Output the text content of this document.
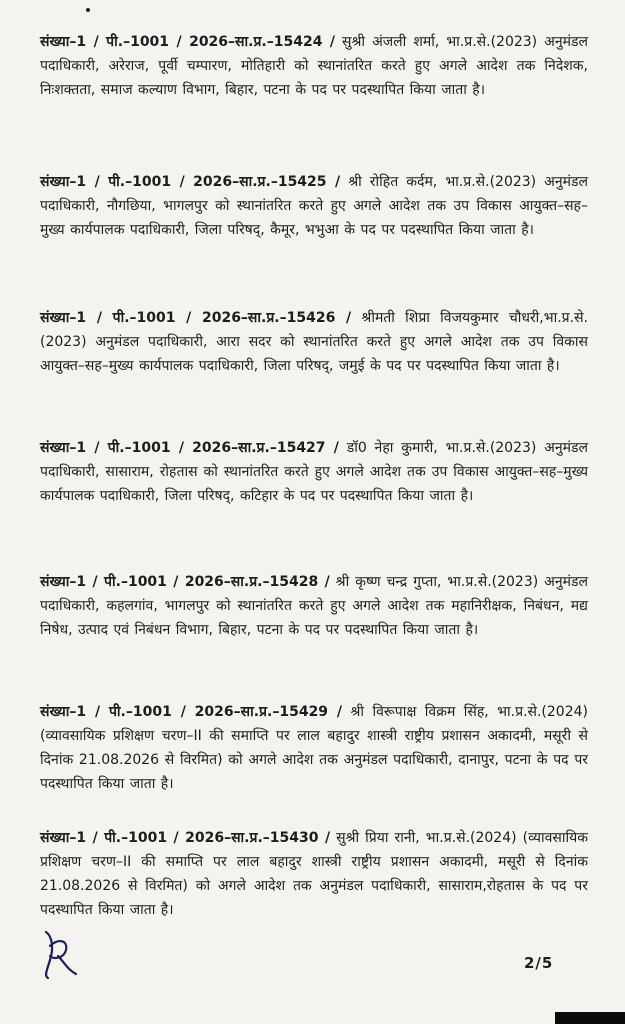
संख्या–1 / पी.–1001 / 2026–सा.प्र.–15424 / सुश्री अंजली शर्मा, भा.प्र.से.(2023) अनुमंडल पदाधिकारी, अरेराज, पूर्वी चम्पारण, मोतिहारी को स्थानांतरित करते हुए अगले आदेश तक निदेशक, निःशक्तता, समाज कल्याण विभाग, बिहार, पटना के पद पर पदस्थापित किया जाता है।

संख्या–1 / पी.–1001 / 2026–सा.प्र.–15425 / श्री रोहित कर्दम, भा.प्र.से.(2023) अनुमंडल पदाधिकारी, नौगछिया, भागलपुर को स्थानांतरित करते हुए अगले आदेश तक उप विकास आयुक्त–सह–मुख्य कार्यपालक पदाधिकारी, जिला परिषद्, कैमूर, भभुआ के पद पर पदस्थापित किया जाता है।

संख्या–1 / पी.–1001 / 2026–सा.प्र.–15426 / श्रीमती शिप्रा विजयकुमार चौधरी,भा.प्र.से.(2023) अनुमंडल पदाधिकारी, आरा सदर को स्थानांतरित करते हुए अगले आदेश तक उप विकास आयुक्त–सह–मुख्य कार्यपालक पदाधिकारी, जिला परिषद्, जमुई के पद पर पदस्थापित किया जाता है।

संख्या–1 / पी.–1001 / 2026–सा.प्र.–15427 / डॉ0 नेहा कुमारी, भा.प्र.से.(2023) अनुमंडल पदाधिकारी, सासाराम, रोहतास को स्थानांतरित करते हुए अगले आदेश तक उप विकास आयुक्त–सह–मुख्य कार्यपालक पदाधिकारी, जिला परिषद्, कटिहार के पद पर पदस्थापित किया जाता है।

संख्या–1 / पी.–1001 / 2026–सा.प्र.–15428 / श्री कृष्ण चन्द्र गुप्ता, भा.प्र.से.(2023) अनुमंडल पदाधिकारी, कहलगांव, भागलपुर को स्थानांतरित करते हुए अगले आदेश तक महानिरीक्षक, निबंधन, मद्य निषेध, उत्पाद एवं निबंधन विभाग, बिहार, पटना के पद पर पदस्थापित किया जाता है।

संख्या–1 / पी.–1001 / 2026–सा.प्र.–15429 / श्री विरूपाक्ष विक्रम सिंह, भा.प्र.से.(2024) (व्यावसायिक प्रशिक्षण चरण–II की समाप्ति पर लाल बहादुर शास्त्री राष्ट्रीय प्रशासन अकादमी, मसूरी से दिनांक 21.08.2026 से विरमित) को अगले आदेश तक अनुमंडल पदाधिकारी, दानापुर, पटना के पद पर पदस्थापित किया जाता है।

संख्या–1 / पी.–1001 / 2026–सा.प्र.–15430 / सुश्री प्रिया रानी, भा.प्र.से.(2024) (व्यावसायिक प्रशिक्षण चरण–II की समाप्ति पर लाल बहादुर शास्त्री राष्ट्रीय प्रशासन अकादमी, मसूरी से दिनांक 21.08.2026 से विरमित) को अगले आदेश तक अनुमंडल पदाधिकारी, सासाराम,रोहतास के पद पर पदस्थापित किया जाता है।

2/5
